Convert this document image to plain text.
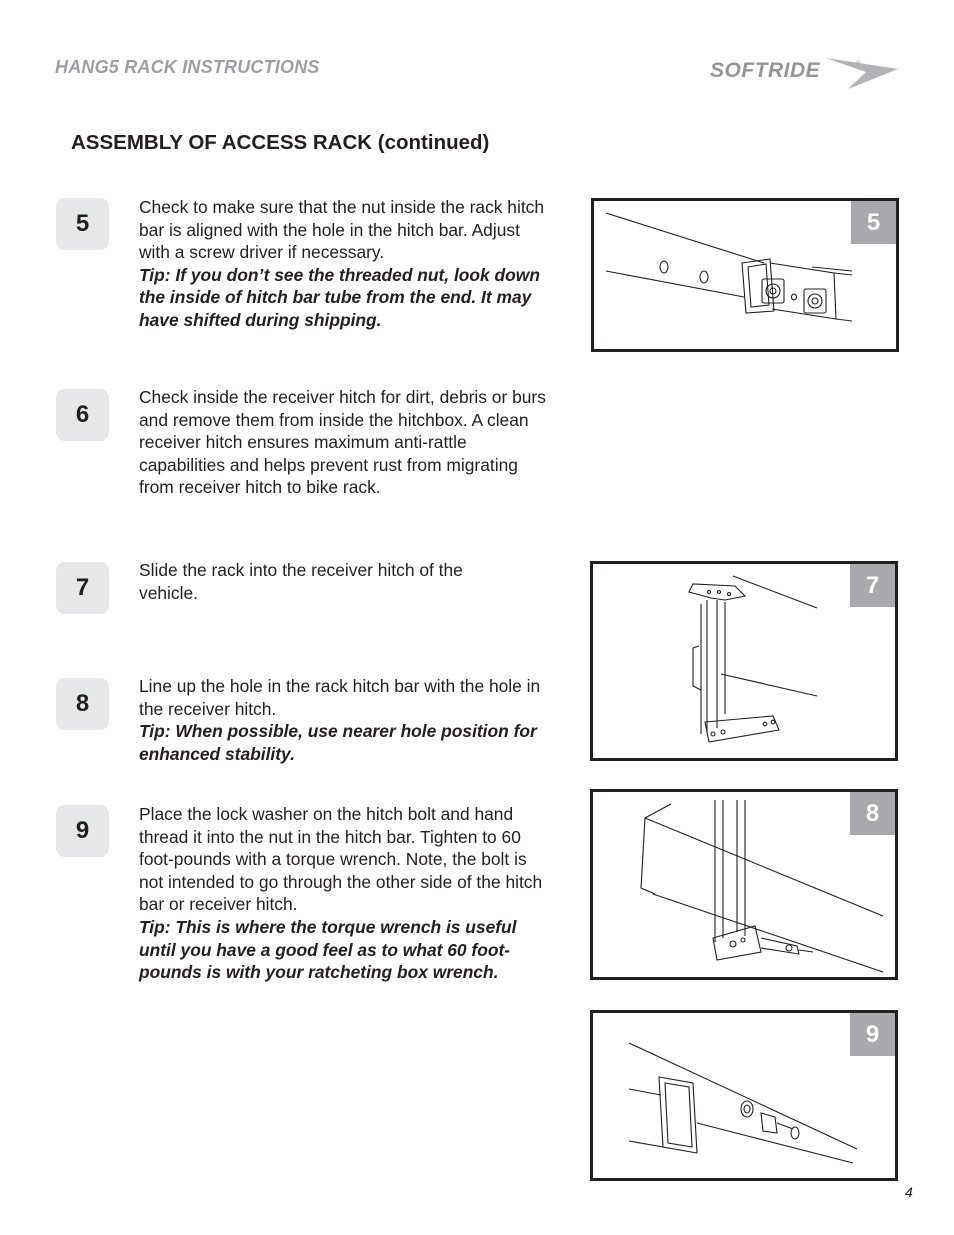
HANG5 RACK INSTRUCTIONS	SOFTRIDE	®
ASSEMBLY OF ACCESS RACK (continued)
5
6
7
8
9

Check to make sure that the nut inside the rack hitch bar is aligned with the hole in the hitch bar. Adjust with a screw driver if necessary.

Tip: If you don’t see the threaded nut, look down the inside of hitch bar tube from the end. It may have shifted during shipping.

Check inside the receiver hitch for dirt, debris or burs and remove them from inside the hitchbox. A clean receiver hitch ensures maximum anti-rattle capabilities and helps prevent rust from migrating from receiver hitch to bike rack.

Slide the rack into the receiver hitch of the vehicle.

Line up the hole in the rack hitch bar with the hole in the receiver hitch.

Tip: When possible, use nearer hole position for enhanced stability.

Place the lock washer on the hitch bolt and hand thread it into the nut in the hitch bar. Tighten to 60 foot-pounds with a torque wrench. Note, the bolt is not intended to go through the other side of the hitch bar or receiver hitch.

Tip: This is where the torque wrench is useful until you have a good feel as to what 60 foot-pounds is with your ratcheting box wrench.

5
7
8
9
4
